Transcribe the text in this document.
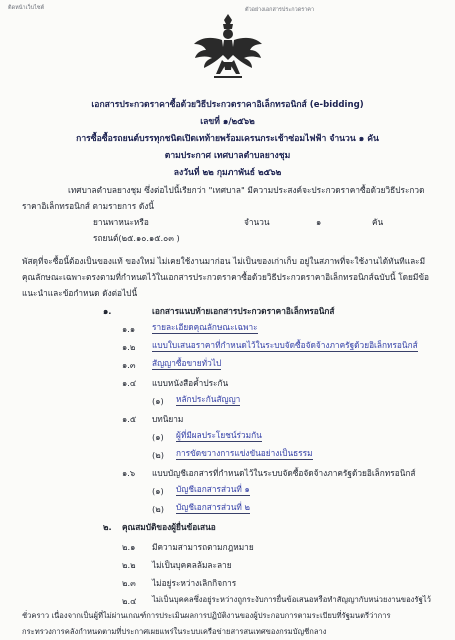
ติดหน้าเว็บไซต์	ตัวอย่างเอกสารประกวดราคา
เอกสารประกวดราคาซื้อด้วยวิธีประกวดราคาอิเล็กทรอนิกส์ (e-bidding)
เลขที่ ๑/๒๕๖๒
การซื้อซื้อรถยนต์บรรทุกชนิดเปิดเทท้ายพร้อมเครนกระเช้าซ่อมไฟฟ้า จำนวน ๑ คัน
ตามประกาศ เทศบาลตำบลยางชุม
ลงวันที่ ๒๒ กุมภาพันธ์ ๒๕๖๒
เทศบาลตำบลยางชุม ซึ่งต่อไปนี้เรียกว่า "เทศบาล" มีความประสงค์จะประกวดราคาซื้อด้วยวิธีประกวด
ราคาอิเล็กทรอนิกส์ ตามรายการ ดังนี้
ยานพาหนะหรือ	จำนวน	๑	คัน
รถยนต์(๒๕.๑๐.๑๕.๐๓ )
พัสดุที่จะซื้อนี้ต้องเป็นของแท้ ของใหม่ ไม่เคยใช้งานมาก่อน ไม่เป็นของเก่าเก็บ อยู่ในสภาพที่จะใช้งานได้ทันทีและมี
คุณลักษณะเฉพาะตรงตามที่กำหนดไว้ในเอกสารประกวดราคาซื้อด้วยวิธีประกวดราคาอิเล็กทรอนิกส์ฉบับนี้ โดยมีข้อ
แนะนำและข้อกำหนด ดังต่อไปนี้
๑.	เอกสารแนบท้ายเอกสารประกวดราคาอิเล็กทรอนิกส์
๑.๑ รายละเอียดคุณลักษณะเฉพาะ
๑.๒ แบบใบเสนอราคาที่กำหนดไว้ในระบบจัดซื้อจัดจ้างภาครัฐด้วยอิเล็กทรอนิกส์
๑.๓ สัญญาซื้อขายทั่วไป
๑.๔ แบบหนังสือค้ำประกัน
(๑) หลักประกันสัญญา
๑.๕ บทนิยาม
(๑) ผู้ที่มีผลประโยชน์ร่วมกัน
(๒) การขัดขวางการแข่งขันอย่างเป็นธรรม
๑.๖ แบบบัญชีเอกสารที่กำหนดไว้ในระบบจัดซื้อจัดจ้างภาครัฐด้วยอิเล็กทรอนิกส์
(๑) บัญชีเอกสารส่วนที่ ๑
(๒) บัญชีเอกสารส่วนที่ ๒
๒. คุณสมบัติของผู้ยื่นข้อเสนอ
๒.๑ มีความสามารถตามกฎหมาย
๒.๒ ไม่เป็นบุคคลล้มละลาย
๒.๓ ไม่อยู่ระหว่างเลิกกิจการ
๒.๔ ไม่เป็นบุคคลซึ่งอยู่ระหว่างถูกระงับการยื่นข้อเสนอหรือทำสัญญากับหน่วยงานของรัฐไว้
ชั่วคราว เนื่องจากเป็นผู้ที่ไม่ผ่านเกณฑ์การประเมินผลการปฏิบัติงานของผู้ประกอบการตามระเบียบที่รัฐมนตรีว่าการ
กระทรวงการคลังกำหนดตามที่ประกาศเผยแพร่ในระบบเครือข่ายสารสนเทศของกรมบัญชีกลาง
